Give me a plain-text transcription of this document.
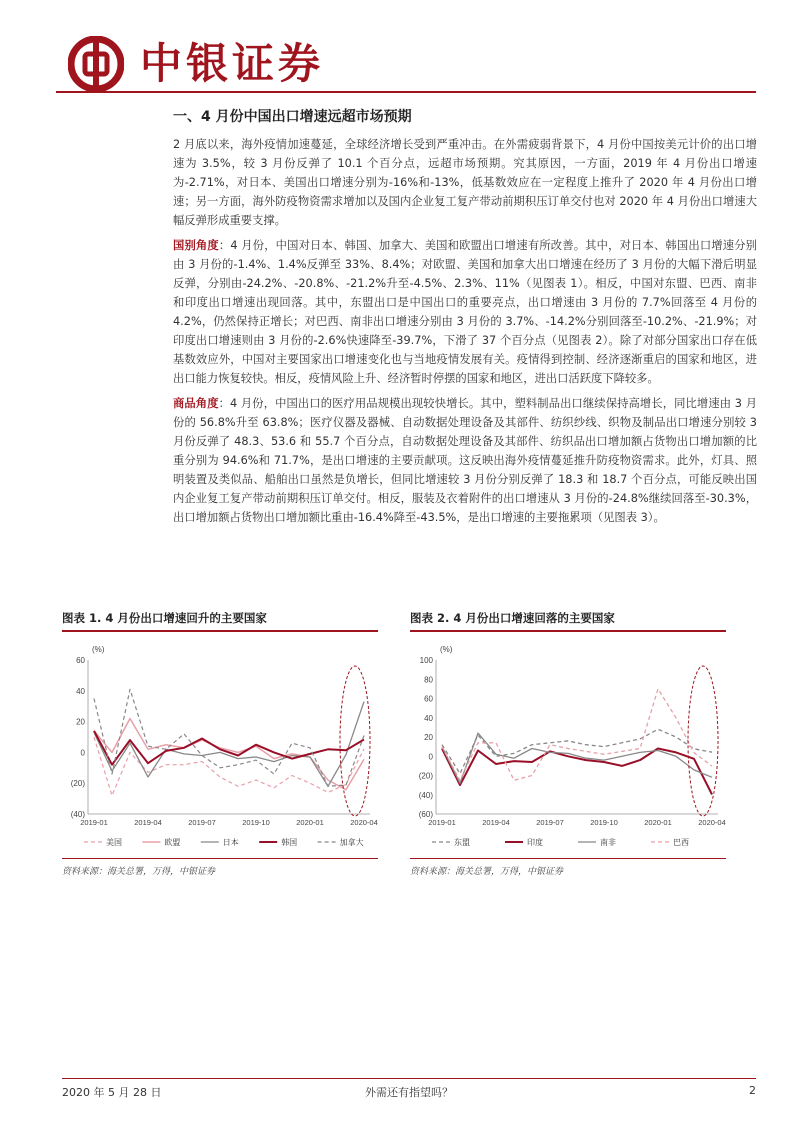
中银证券
一、4 月份中国出口增速远超市场预期

2 月底以来，海外疫情加速蔓延，全球经济增长受到严重冲击。在外需疲弱背景下，4 月份中国按美元计价的出口增速为 3.5%，较 3 月份反弹了 10.1 个百分点，远超市场预期。究其原因，一方面，2019 年 4 月份出口增速为-2.71%，对日本、美国出口增速分别为-16%和-13%，低基数效应在一定程度上推升了 2020 年 4 月份出口增速；另一方面，海外防疫物资需求增加以及国内企业复工复产带动前期积压订单交付也对 2020 年 4 月份出口增速大幅反弹形成重要支撑。

国别角度：4 月份，中国对日本、韩国、加拿大、美国和欧盟出口增速有所改善。其中，对日本、韩国出口增速分别由 3 月份的-1.4%、1.4%反弹至 33%、8.4%；对欧盟、美国和加拿大出口增速在经历了 3 月份的大幅下滑后明显反弹，分别由-24.2%、-20.8%、-21.2%升至-4.5%、2.3%、11%（见图表 1）。相反，中国对东盟、巴西、南非和印度出口增速出现回落。其中，东盟出口是中国出口的重要亮点，出口增速由 3 月份的 7.7%回落至 4 月份的 4.2%，仍然保持正增长；对巴西、南非出口增速分别由 3 月份的 3.7%、-14.2%分别回落至-10.2%、-21.9%；对印度出口增速则由 3 月份的-2.6%快速降至-39.7%，下滑了 37 个百分点（见图表 2）。除了对部分国家出口存在低基数效应外，中国对主要国家出口增速变化也与当地疫情发展有关。疫情得到控制、经济逐渐重启的国家和地区，进出口能力恢复较快。相反，疫情风险上升、经济暂时停摆的国家和地区，进出口活跃度下降较多。

商品角度：4 月份，中国出口的医疗用品规模出现较快增长。其中，塑料制品出口继续保持高增长，同比增速由 3 月份的 56.8%升至 63.8%；医疗仪器及器械、自动数据处理设备及其部件、纺织纱线、织物及制品出口增速分别较 3 月份反弹了 48.3、53.6 和 55.7 个百分点，自动数据处理设备及其部件、纺织品出口增加额占货物出口增加额的比重分别为 94.6%和 71.7%，是出口增速的主要贡献项。这反映出海外疫情蔓延推升防疫物资需求。此外，灯具、照明装置及类似品、船舶出口虽然是负增长，但同比增速较 3 月份分别反弹了 18.3 和 18.7 个百分点，可能反映出国内企业复工复产带动前期积压订单交付。相反，服装及衣着附件的出口增速从 3 月份的-24.8%继续回落至-30.3%，出口增加额占货物出口增加额比重由-16.4%降至-43.5%，是出口增速的主要拖累项（见图表 3）。

图表 1. 4 月份出口增速回升的主要国家
(%)
60
40
20
0
(20)
(40)
2019-01	2019-04	2019-07	2019-10	2020-01	2020-04
美国	欧盟	日本	韩国	加拿大
资料来源：海关总署，万得，中银证券
图表 2. 4 月份出口增速回落的主要国家
(%)
100
80
60
40
20
0
(20)
(40)
(60)
2019-01	2019-04	2019-07	2019-10	2020-01	2020-04
东盟	印度	南非	巴西
资料来源：海关总署，万得，中银证券
2020 年 5 月 28 日	外需还有指望吗？	2
